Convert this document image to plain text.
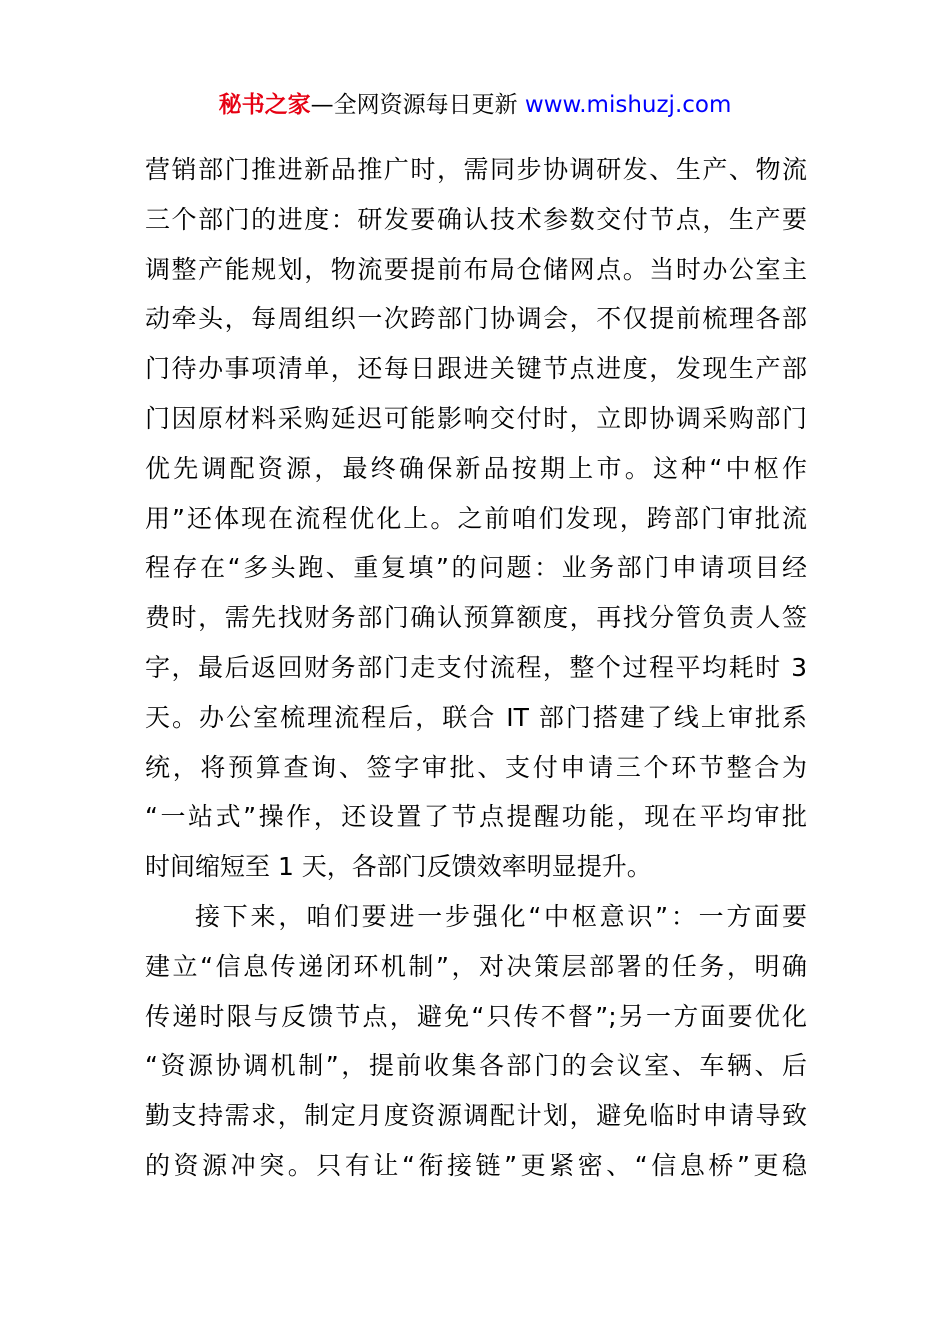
秘书之家—全网资源每日更新 www.mishuzj.com
营销部门推进新品推广时，需同步协调研发、生产、物流
三个部门的进度：研发要确认技术参数交付节点，生产要
调整产能规划，物流要提前布局仓储网点。当时办公室主
动牵头，每周组织一次跨部门协调会，不仅提前梳理各部
门待办事项清单，还每日跟进关键节点进度，发现生产部
门因原材料采购延迟可能影响交付时，立即协调采购部门
优先调配资源，最终确保新品按期上市。这种“中枢作
用”还体现在流程优化上。之前咱们发现，跨部门审批流
程存在“多头跑、重复填”的问题：业务部门申请项目经
费时，需先找财务部门确认预算额度，再找分管负责人签
字，最后返回财务部门走支付流程，整个过程平均耗时 3
天。办公室梳理流程后，联合 IT 部门搭建了线上审批系
统，将预算查询、签字审批、支付申请三个环节整合为
“一站式”操作，还设置了节点提醒功能，现在平均审批
时间缩短至 1 天，各部门反馈效率明显提升。
接下来，咱们要进一步强化“中枢意识”：一方面要
建立“信息传递闭环机制”，对决策层部署的任务，明确
传递时限与反馈节点，避免“只传不督”;另一方面要优化
“资源协调机制”，提前收集各部门的会议室、车辆、后
勤支持需求，制定月度资源调配计划，避免临时申请导致
的资源冲突。只有让“衔接链”更紧密、“信息桥”更稳
